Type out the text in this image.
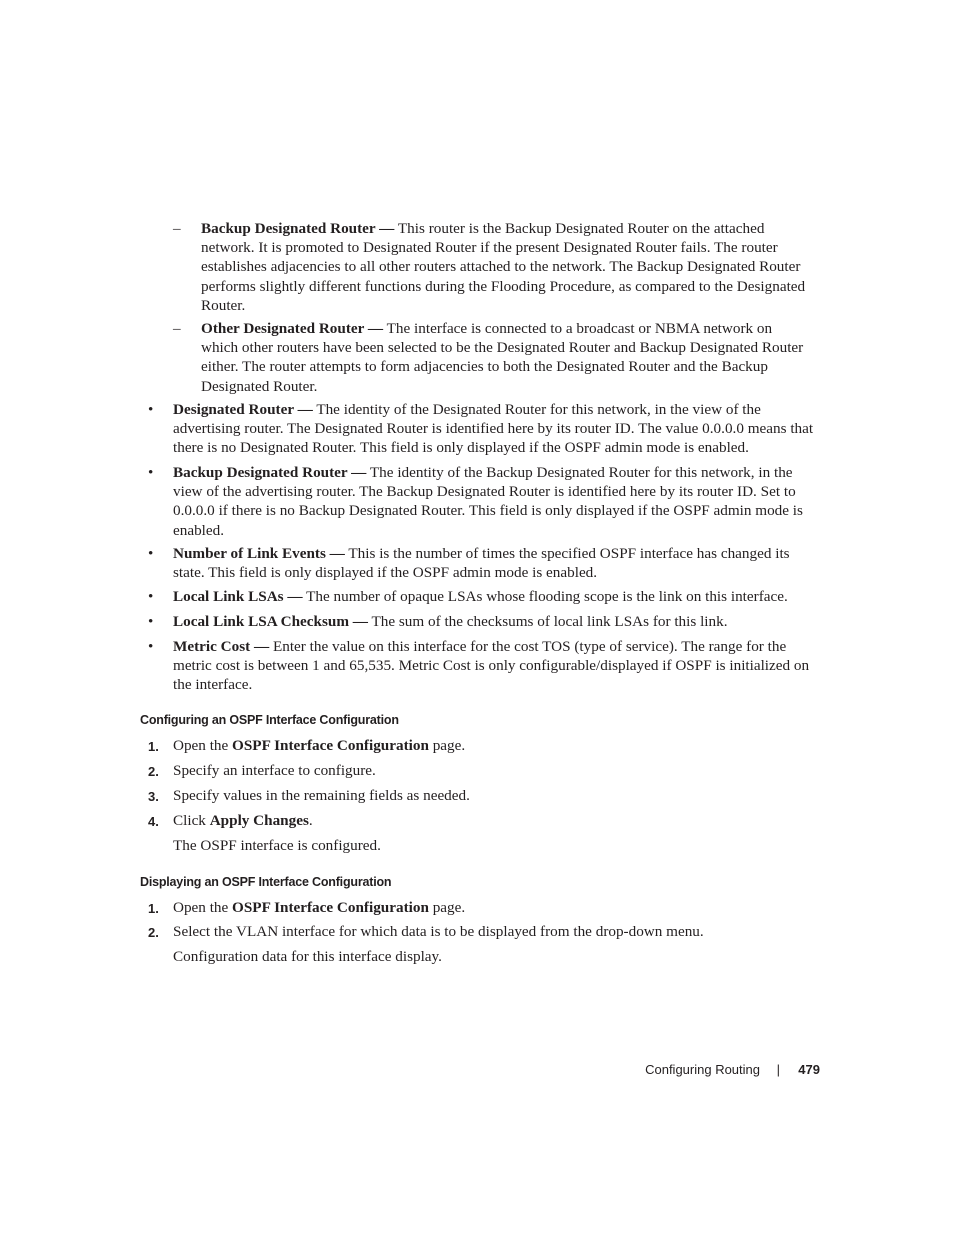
–	Backup Designated Router — This router is the Backup Designated Router on the attached network. It is promoted to Designated Router if the present Designated Router fails. The router establishes adjacencies to all other routers attached to the network. The Backup Designated Router performs slightly different functions during the Flooding Procedure, as compared to the Designated Router.
–	Other Designated Router — The interface is connected to a broadcast or NBMA network on which other routers have been selected to be the Designated Router and Backup Designated Router either. The router attempts to form adjacencies to both the Designated Router and the Backup Designated Router.
• Designated Router — The identity of the Designated Router for this network, in the view of the advertising router. The Designated Router is identified here by its router ID. The value 0.0.0.0 means that there is no Designated Router. This field is only displayed if the OSPF admin mode is enabled.
• Backup Designated Router — The identity of the Backup Designated Router for this network, in the view of the advertising router. The Backup Designated Router is identified here by its router ID. Set to 0.0.0.0 if there is no Backup Designated Router. This field is only displayed if the OSPF admin mode is enabled.
• Number of Link Events — This is the number of times the specified OSPF interface has changed its state. This field is only displayed if the OSPF admin mode is enabled.
• Local Link LSAs — The number of opaque LSAs whose flooding scope is the link on this interface.
• Local Link LSA Checksum — The sum of the checksums of local link LSAs for this link.
• Metric Cost — Enter the value on this interface for the cost TOS (type of service). The range for the metric cost is between 1 and 65,535. Metric Cost is only configurable/displayed if OSPF is initialized on the interface.
Configuring an OSPF Interface Configuration
1. Open the OSPF Interface Configuration page.
2. Specify an interface to configure.
3. Specify values in the remaining fields as needed.
4. Click Apply Changes.
The OSPF interface is configured.
Displaying an OSPF Interface Configuration
1. Open the OSPF Interface Configuration page.
2. Select the VLAN interface for which data is to be displayed from the drop-down menu.
Configuration data for this interface display.
Configuring Routing | 479
